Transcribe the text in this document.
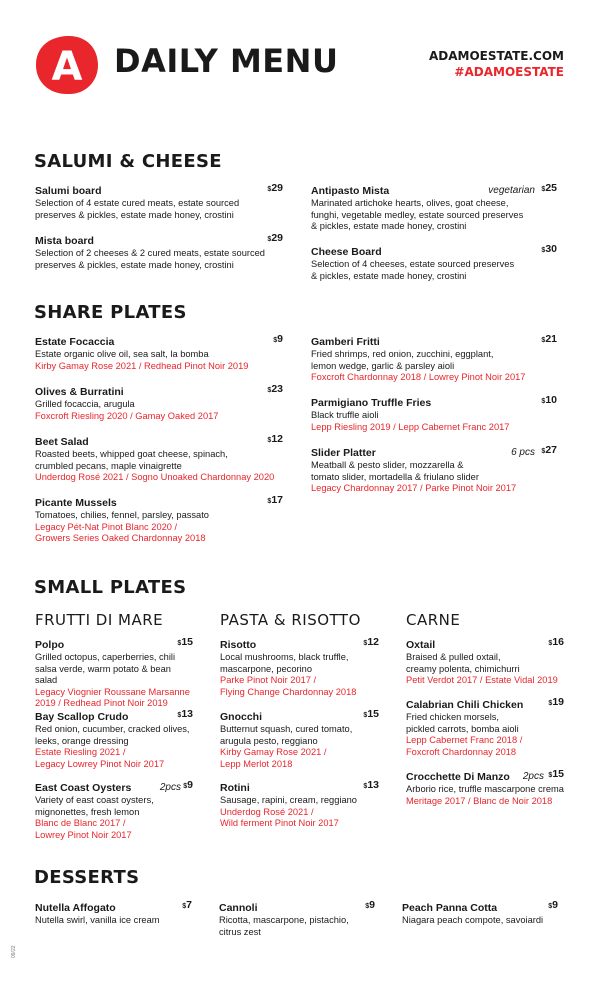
A DAILY MENU	ADAMOESTATE.COM
#ADAMOESTATE
SALUMI & CHEESE
Salumi board	$29
Selection of 4 estate cured meats, estate sourced
preserves & pickles, estate made honey, crostini
Mista board	$29
Selection of 2 cheeses & 2 cured meats, estate sourced
preserves & pickles, estate made honey, crostini
Antipasto Mista	vegetarian $25
Marinated artichoke hearts, olives, goat cheese,
funghi, vegetable medley, estate sourced preserves
& pickles, estate made honey, crostini
Cheese Board	$30
Selection of 4 cheeses, estate sourced preserves
& pickles, estate made honey, crostini
SHARE PLATES
Estate Focaccia	$9
Estate organic olive oil, sea salt, la bomba
Kirby Gamay Rose 2021 / Redhead Pinot Noir 2019
Olives & Burratini	$23
Grilled focaccia, arugula
Foxcroft Riesling 2020 / Gamay Oaked 2017
Beet Salad	$12
Roasted beets, whipped goat cheese, spinach,
crumbled pecans, maple vinaigrette
Underdog Rosé 2021 / Sogno Unoaked Chardonnay 2020
Picante Mussels	$17
Tomatoes, chilies, fennel, parsley, passato
Legacy Pét-Nat Pinot Blanc 2020 /
Growers Series Oaked Chardonnay 2018
Gamberi Fritti	$21
Fried shrimps, red onion, zucchini, eggplant,
lemon wedge, garlic & parsley aioli
Foxcroft Chardonnay 2018 / Lowrey Pinot Noir 2017
Parmigiano Truffle Fries	$10
Black truffle aioli
Lepp Riesling 2019 / Lepp Cabernet Franc 2017
Slider Platter	6 pcs $27
Meatball & pesto slider, mozzarella &
tomato slider, mortadella & friulano slider
Legacy Chardonnay 2017 / Parke Pinot Noir 2017
SMALL PLATES
FRUTTI DI MARE	PASTA & RISOTTO	CARNE
Polpo	$15
Grilled octopus, caperberries, chili
salsa verde, warm potato & bean salad
Legacy Viognier Roussane Marsanne
2019 / Redhead Pinot Noir 2019
Bay Scallop Crudo	$13
Red onion, cucumber, cracked olives,
leeks, orange dressing
Estate Riesling 2021 /
Legacy Lowrey Pinot Noir 2017
East Coast Oysters	2pcs $9
Variety of east coast oysters,
mignonettes, fresh lemon
Blanc de Blanc 2017 /
Lowrey Pinot Noir 2017
Risotto	$12
Local mushrooms, black truffle,
mascarpone, pecorino
Parke Pinot Noir 2017 /
Flying Change Chardonnay 2018
Gnocchi	$15
Butternut squash, cured tomato,
arugula pesto, reggiano
Kirby Gamay Rose 2021 /
Lepp Merlot 2018
Rotini	$13
Sausage, rapini, cream, reggiano
Underdog Rosé 2021 /
Wild ferment Pinot Noir 2017
Oxtail	$16
Braised & pulled oxtail,
creamy polenta, chimichurri
Petit Verdot 2017 / Estate Vidal 2019
Calabrian Chili Chicken	$19
Fried chicken morsels,
pickled carrots, bomba aioli
Lepp Cabernet Franc 2018 /
Foxcroft Chardonnay 2018
Crocchette Di Manzo	2pcs $15
Arborio rice, truffle mascarpone crema
Meritage 2017 / Blanc de Noir 2018
DESSERTS
Nutella Affogato	$7
Nutella swirl, vanilla ice cream
Cannoli	$9
Ricotta, mascarpone, pistachio,
citrus zest
Peach Panna Cotta	$9
Niagara peach compote, savoiardi
09/22
